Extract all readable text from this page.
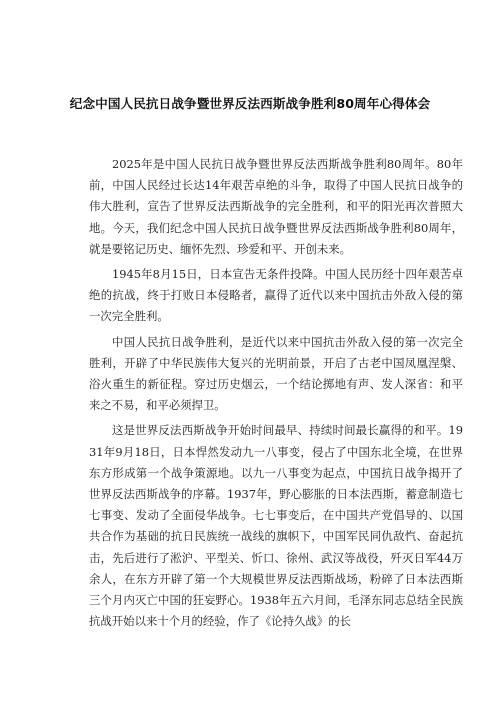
纪念中国人民抗日战争暨世界反法西斯战争胜利80周年心得体会

2025年是中国人民抗日战争暨世界反法西斯战争胜利80周年。80年前，中国人民经过长达14年艰苦卓绝的斗争，取得了中国人民抗日战争的伟大胜利，宣告了世界反法西斯战争的完全胜利，和平的阳光再次普照大地。今天，我们纪念中国人民抗日战争暨世界反法西斯战争胜利80周年，就是要铭记历史、缅怀先烈、珍爱和平、开创未来。

1945年8月15日，日本宣告无条件投降。中国人民历经十四年艰苦卓绝的抗战，终于打败日本侵略者，赢得了近代以来中国抗击外敌入侵的第一次完全胜利。

中国人民抗日战争胜利，是近代以来中国抗击外敌入侵的第一次完全胜利，开辟了中华民族伟大复兴的光明前景，开启了古老中国凤凰涅槃、浴火重生的新征程。穿过历史烟云，一个结论掷地有声、发人深省：和平来之不易，和平必须捍卫。

这是世界反法西斯战争开始时间最早、持续时间最长赢得的和平。1931年9月18日，日本悍然发动九一八事变，侵占了中国东北全境，在世界东方形成第一个战争策源地。以九一八事变为起点，中国抗日战争揭开了世界反法西斯战争的序幕。1937年，野心膨胀的日本法西斯，蓄意制造七七事变、发动了全面侵华战争。七七事变后，在中国共产党倡导的、以国共合作为基础的抗日民族统一战线的旗帜下，中国军民同仇敌忾、奋起抗击，先后进行了淞沪、平型关、忻口、徐州、武汉等战役，歼灭日军44万余人，在东方开辟了第一个大规模世界反法西斯战场，粉碎了日本法西斯三个月内灭亡中国的狂妄野心。1938年五六月间，毛泽东同志总结全民族抗战开始以来十个月的经验，作了《论持久战》的长
